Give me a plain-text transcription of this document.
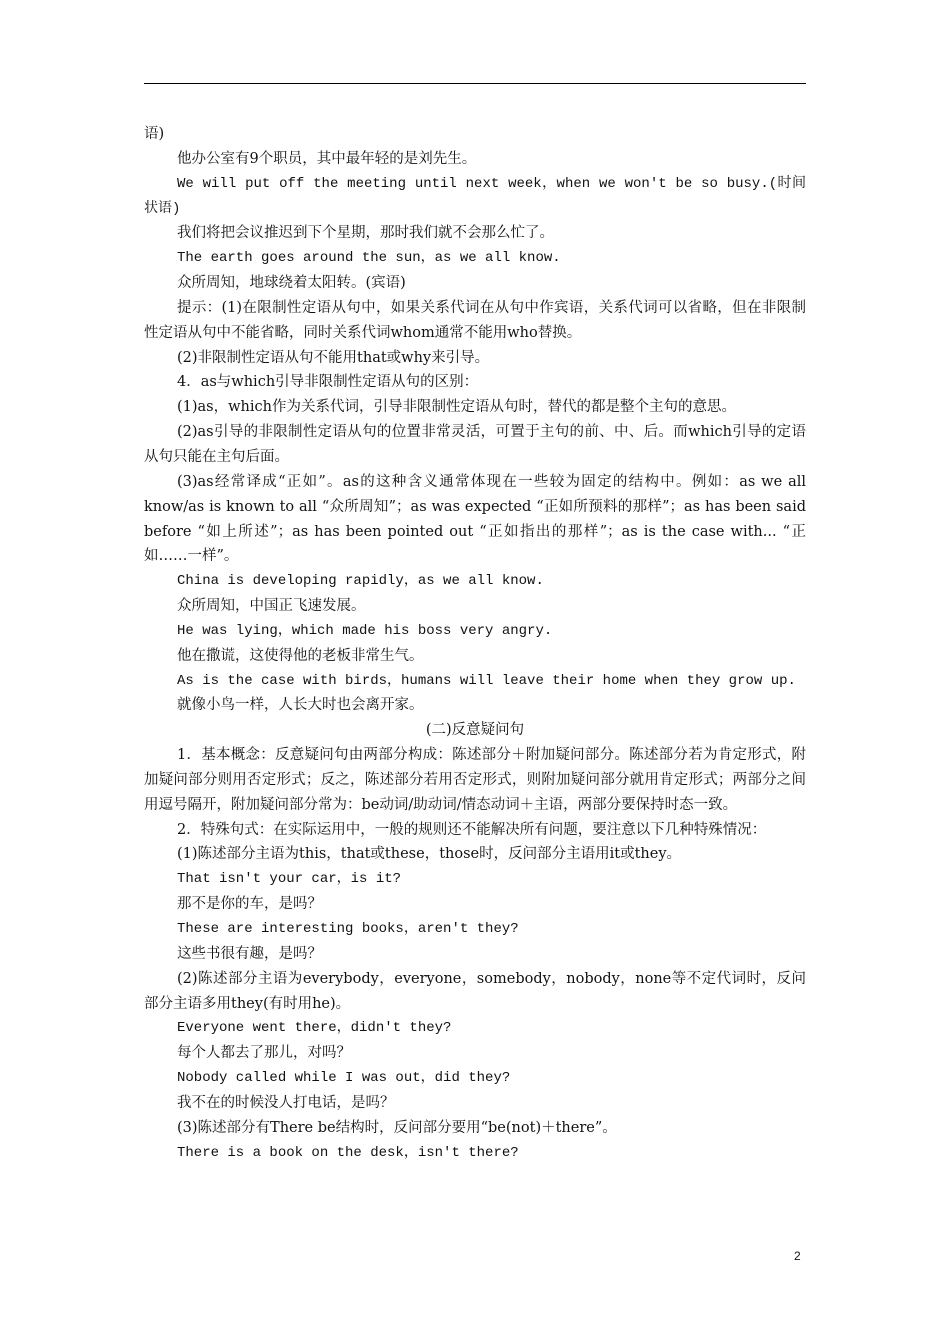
语)

他办公室有9个职员，其中最年轻的是刘先生。

We will put off the meeting until next week，when we won't be so busy.(时间状语)

我们将把会议推迟到下个星期，那时我们就不会那么忙了。

The earth goes around the sun，as we all know.

众所周知，地球绕着太阳转。(宾语)

提示：(1)在限制性定语从句中，如果关系代词在从句中作宾语，关系代词可以省略，但在非限制性定语从句中不能省略，同时关系代词whom通常不能用who替换。

(2)非限制性定语从句不能用that或why来引导。

4．as与which引导非限制性定语从句的区别：

(1)as，which作为关系代词，引导非限制性定语从句时，替代的都是整个主句的意思。

(2)as引导的非限制性定语从句的位置非常灵活，可置于主句的前、中、后。而which引导的定语从句只能在主句后面。

(3)as经常译成“正如”。as的这种含义通常体现在一些较为固定的结构中。例如：as we all know/as is known to all “众所周知”；as was expected “正如所预料的那样”；as has been said before “如上所述”；as has been pointed out “正如指出的那样”；as is the case with... “正如……一样”。

China is developing rapidly，as we all know.

众所周知，中国正飞速发展。

He was lying，which made his boss very angry.

他在撒谎，这使得他的老板非常生气。

As is the case with birds，humans will leave their home when they grow up.

就像小鸟一样，人长大时也会离开家。

(二)反意疑问句

1．基本概念：反意疑问句由两部分构成：陈述部分＋附加疑问部分。陈述部分若为肯定形式，附加疑问部分则用否定形式；反之，陈述部分若用否定形式，则附加疑问部分就用肯定形式；两部分之间用逗号隔开，附加疑问部分常为：be动词/助动词/情态动词＋主语，两部分要保持时态一致。

2．特殊句式：在实际运用中，一般的规则还不能解决所有问题，要注意以下几种特殊情况：

(1)陈述部分主语为this，that或these，those时，反问部分主语用it或they。

That isn't your car，is it?

那不是你的车，是吗？

These are interesting books，aren't they?

这些书很有趣，是吗？

(2)陈述部分主语为everybody，everyone，somebody，nobody，none等不定代词时，反问部分主语多用they(有时用he)。

Everyone went there，didn't they?

每个人都去了那儿，对吗？

Nobody called while I was out，did they?

我不在的时候没人打电话，是吗？

(3)陈述部分有There be结构时，反问部分要用“be(not)＋there”。

There is a book on the desk，isn't there?

2
